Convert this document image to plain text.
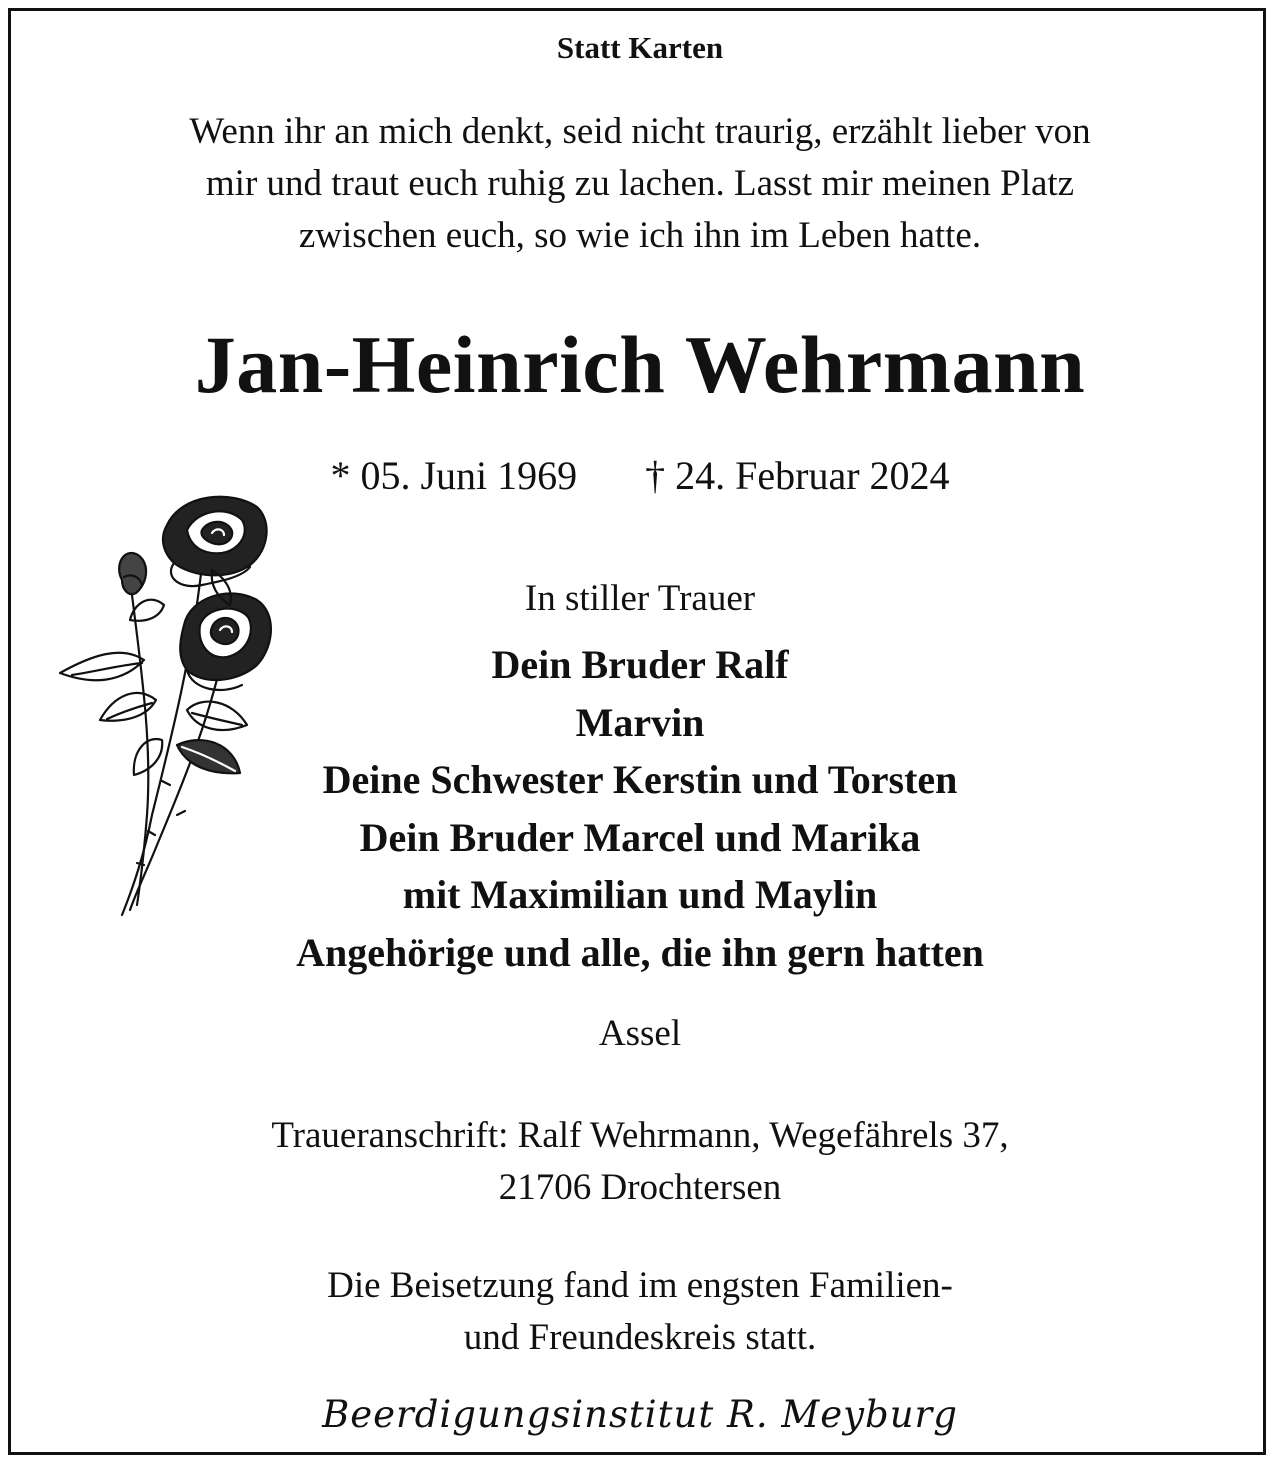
Statt Karten
Wenn ihr an mich denkt, seid nicht traurig, erzählt lieber von
mir und traut euch ruhig zu lachen. Lasst mir meinen Platz
zwischen euch, so wie ich ihn im Leben hatte.
Jan-Heinrich Wehrmann
* 05. Juni 1969 † 24. Februar 2024
In stiller Trauer
Dein Bruder Ralf
Marvin
Deine Schwester Kerstin und Torsten
Dein Bruder Marcel und Marika
mit Maximilian und Maylin
Angehörige und alle, die ihn gern hatten
Assel
Traueranschrift: Ralf Wehrmann, Wegefährels 37,
21706 Drochtersen
Die Beisetzung fand im engsten Familien-
und Freundeskreis statt.
Beerdigungsinstitut R. Meyburg
